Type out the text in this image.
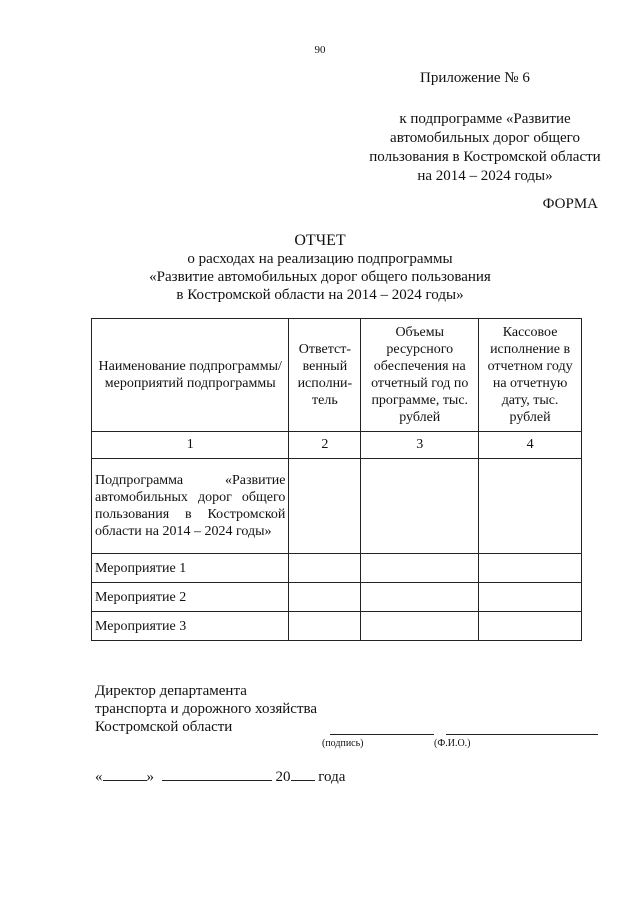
90
Приложение № 6
к подпрограмме «Развитие
автомобильных дорог общего
пользования в Костромской области
на 2014 – 2024 годы»
ФОРМА
ОТЧЕТ
о расходах на реализацию подпрограммы
«Развитие автомобильных дорог общего пользования
в Костромской области на 2014 – 2024 годы»
Наименование подпрограммы/мероприятий подпрограммы	Ответст-венный исполни-тель	Объемы ресурсного обеспечения на отчетный год по программе, тыс. рублей	Кассовое исполнение в отчетном году на отчетную дату, тыс. рублей
1	2	3	4
Подпрограмма «Развитие автомобильных дорог общего пользования в Костромской области на 2014 – 2024 годы»			
Мероприятие 1			
Мероприятие 2			
Мероприятие 3			
Директор департамента
транспорта и дорожного хозяйства
Костромской области
(подпись)	(Ф.И.О.)
«	»	20 года
